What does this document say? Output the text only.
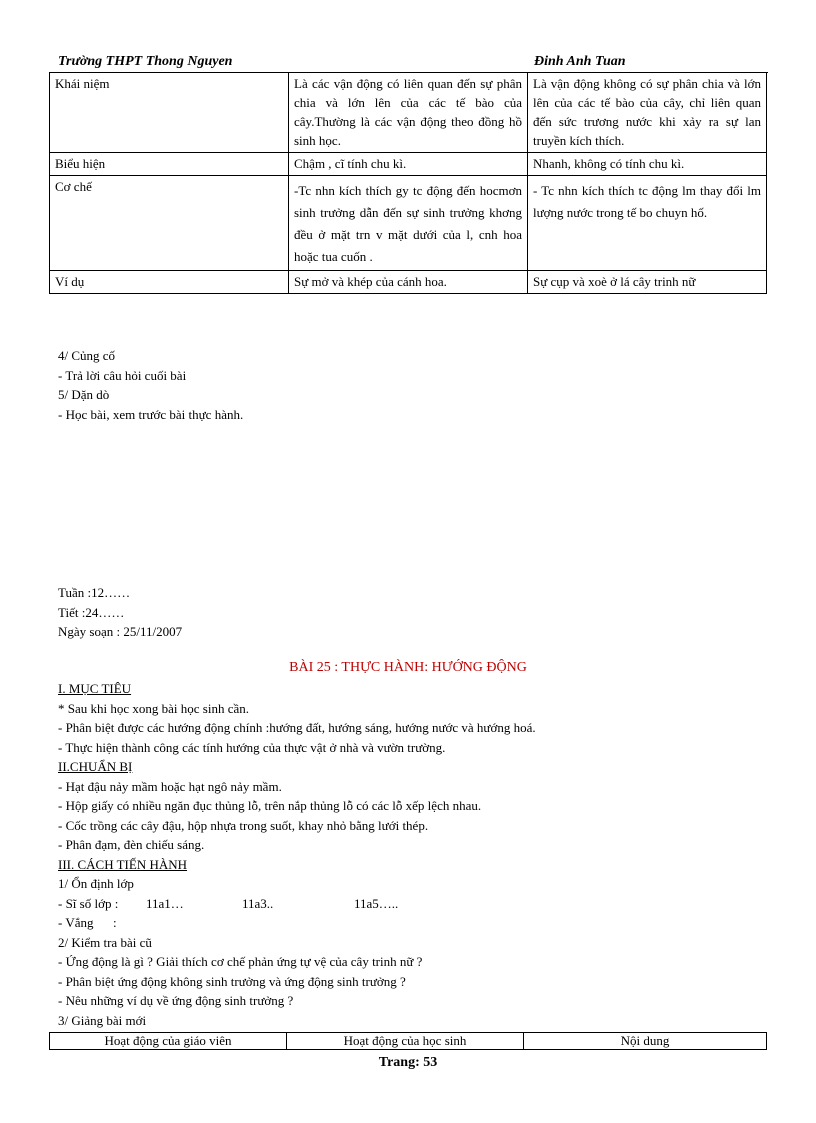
Trường THPT Thong Nguyen	Đinh Anh Tuan
Khái niệm	Là các vận động có liên quan đến sự phân chia và lớn lên của các tế bào của cây.Thường là các vận động theo đồng hồ sinh học.	Là vận động không có sự phân chia và lớn lên của các tế bào của cây, chỉ liên quan đến sức trương nước khi xảy ra sự lan truyền kích thích.
Biểu hiện	Chậm , cĩ tính chu kì.	Nhanh, không có tính chu kì.
Cơ chế	-Tc nhn kích thích gy tc động đến hocmơn sinh trưởng dẫn đến sự sinh trưởng khơng đều ở mặt trn v mặt dưới của l, cnh hoa hoặc tua cuốn .	- Tc nhn kích thích tc động lm thay đổi lm lượng nước trong tế bo chuyn hố.
Ví dụ	Sự mở và khép của cánh hoa.	Sự cụp và xoè ở lá cây trinh nữ
4/ Củng cố
- Trả lời câu hỏi cuối bài
5/ Dặn dò
- Học bài, xem trước bài thực hành.
Tuần :12……
Tiết :24……
Ngày soạn : 25/11/2007
BÀI 25 : THỰC HÀNH: HƯỚNG ĐỘNG
I. MỤC TIÊU
* Sau khi học xong bài học sinh cần.
- Phân biệt được các hướng động chính :hướng đất, hướng sáng, hướng nước và hướng hoá.
- Thực hiện thành công các tính hướng của thực vật ở nhà và vườn trường.
II.CHUẨN BỊ
- Hạt đậu nảy mầm hoặc hạt ngô nảy mầm.
- Hộp giấy có nhiều ngăn đục thủng lỗ, trên nắp thủng lỗ có các lỗ xếp lệch nhau.
- Cốc trồng các cây đậu, hộp nhựa trong suốt, khay nhỏ bằng lưới thép.
- Phân đạm, đèn chiếu sáng.
III. CÁCH TIẾN HÀNH
1/ Ổn định lớp
- Sĩ số lớp : 11a1…	11a3..	11a5…..
- Vắng      :
2/ Kiểm tra bài cũ
- Ứng động là gì ? Giải thích cơ chế phản ứng tự vệ của cây trinh nữ ?
- Phân biệt ứng động không sinh trưởng và ứng động sinh trưởng ?
- Nêu những ví dụ về ứng động sinh trưởng ?
3/ Giảng bài mới
Hoạt động của giáo viên	Hoạt động của học sinh	Nội dung
Trang: 53
